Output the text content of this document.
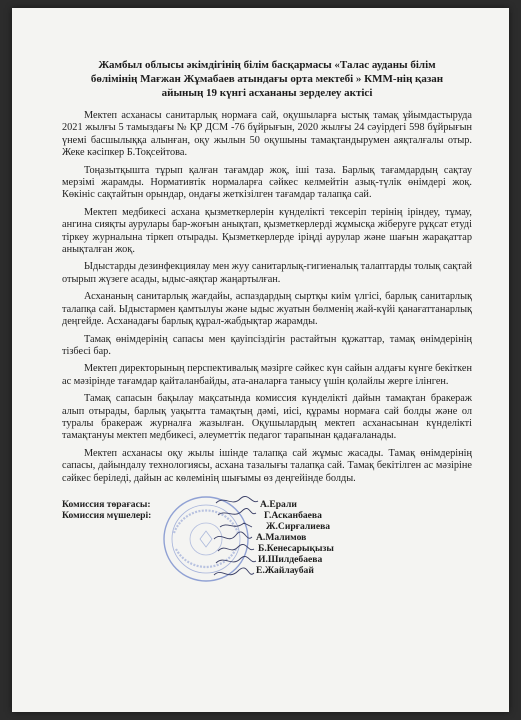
Жамбыл облысы әкімдігінің білім басқармасы «Талас ауданы білім
бөлімінің Мағжан Жұмабаев атындағы орта мектебі » КММ-нің қазан
айының 19 күнгі асхананы зерделеу актісі

Мектеп асханасы санитарлық нормаға сай, оқушыларға ыстық тамақ ұйымдастыруда 2021 жылғы 5 тамыздағы № ҚР ДСМ -76 бұйрығын, 2020 жылғы 24 сәуірдегі 598 бұйрығын үнемі басшылыққа алынған, оқу жылын 50 оқушыны тамақтандырумен аяқталғалы отыр. Жеке кәсіпкер Б.Тоқсейтова.

Тоңазытқышта тұрып қалған тағамдар жоқ, іші таза. Барлық тағамдардың сақтау мерзімі жарамды. Нормативтік нормаларға сәйкес келмейтін азық-түлік өнімдері жоқ. Көкініс сақтайтын орындар, ондағы жеткізілген тағамдар талапқа сай.

Мектеп медбикесі асхана қызметкерлерін күнделікті тексеріп терінің іріндеу, тұмау, ангина сияқты аурулары бар-жоғын анықтап, қызметкерлерді жұмысқа жіберуге рұқсат етуді тіркеу журналына тіркеп отырады. Қызметкерлерде іріңді аурулар және шағын жарақаттар анықталған жоқ.

Ыдыстарды дезинфекциялау мен жуу санитарлық-гигиеналық талаптарды толық сақтай отырып жүзеге асады, ыдыс-аяқтар жаңартылған.

Асхананың санитарлық жағдайы, аспаздардың сыртқы киім үлгісі, барлық санитарлық талапқа сай. Ыдыстармен қамтылуы және ыдыс жуатын бөлменің жай-күйі қанағаттанарлық деңгейде. Асханадағы барлық құрал-жабдықтар жарамды.

Тамақ өнімдерінің сапасы мен қауіпсіздігін растайтын құжаттар, тамақ өнімдерінің тізбесі бар.

Мектеп директорының перспективалық мәзірге сәйкес күн сайын алдағы күнге бекіткен ас мәзірінде тағамдар қайталанбайды, ата-аналарға танысу үшін қолайлы жерге ілінген.

Тамақ сапасын бақылау мақсатында комиссия күнделікті дайын тамақтан бракераж алып отырады, барлық уақытта тамақтың дәмі, иісі, құрамы нормаға сай болды және ол туралы бракераж журналға жазылған. Оқушылардың мектеп асханасынан күнделікті тамақтануы мектеп медбикесі, әлеуметтік педагог тарапынан қадағаланады.

Мектеп асханасы оқу жылы ішінде талапқа сай жұмыс жасады. Тамақ өнімдерінің сапасы, дайындалу технологиясы, асхана тазалығы талапқа сай. Тамақ бекітілген ас мәзіріне сәйкес беріледі, дайын ас көлемінің шығымы өз деңгейінде болды.

Комиссия төрағасы:
Комиссия мүшелері:
А.Ерали
Г.Асканбаева
Ж.Сирғалиева
А.Малимов
Б.Кенесарықызы
И.Шилдебаева
Е.Жайлаубай
